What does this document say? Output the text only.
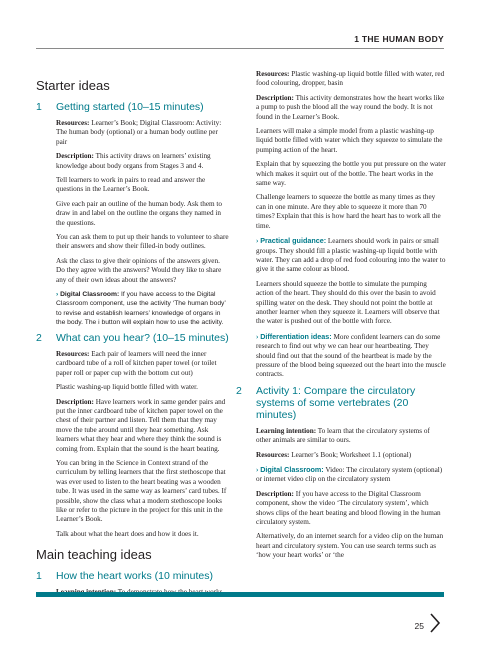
1 THE HUMAN BODY
Starter ideas
1	Getting started (10–15 minutes)

Resources: Learner’s Book; Digital Classroom: Activity: The human body (optional) or a human body outline per pair

Description: This activity draws on learners’ existing knowledge about body organs from Stages 3 and 4.

Tell learners to work in pairs to read and answer the questions in the Learner’s Book.

Give each pair an outline of the human body. Ask them to draw in and label on the outline the organs they named in the questions.

You can ask them to put up their hands to volunteer to share their answers and show their filled-in body outlines.

Ask the class to give their opinions of the answers given. Do they agree with the answers? Would they like to share any of their own ideas about the answers?

› Digital Classroom: If you have access to the Digital Classroom component, use the activity ‘The human body’ to revise and establish learners’ knowledge of organs in the body. The i button will explain how to use the activity.

2	What can you hear? (10–15 minutes)

Resources: Each pair of learners will need the inner cardboard tube of a roll of kitchen paper towel (or toilet paper roll or paper cup with the bottom cut out)

Plastic washing-up liquid bottle filled with water.

Description: Have learners work in same gender pairs and put the inner cardboard tube of kitchen paper towel on the chest of their partner and listen. Tell them that they may move the tube around until they hear something. Ask learners what they hear and where they think the sound is coming from. Explain that the sound is the heart beating.

You can bring in the Science in Context strand of the curriculum by telling learners that the first stethoscope that was ever used to listen to the heart beating was a wooden tube. It was used in the same way as learners’ card tubes. If possible, show the class what a modern stethoscope looks like or refer to the picture in the project for this unit in the Learner’s Book.

Talk about what the heart does and how it does it.

Main teaching ideas
1	How the heart works (10 minutes)

Resources: Plastic washing-up liquid bottle filled with water, red food colouring, dropper, basin

Description: This activity demonstrates how the heart works like a pump to push the blood all the way round the body. It is not found in the Learner’s Book.

Learners will make a simple model from a plastic washing-up liquid bottle filled with water which they squeeze to simulate the pumping action of the heart.

Explain that by squeezing the bottle you put pressure on the water which makes it squirt out of the bottle. The heart works in the same way.

Challenge learners to squeeze the bottle as many times as they can in one minute. Are they able to squeeze it more than 70 times? Explain that this is how hard the heart has to work all the time.

› Practical guidance: Learners should work in pairs or small groups. They should fill a plastic washing-up liquid bottle with water. They can add a drop of red food colouring into the water to give it the same colour as blood.

Learners should squeeze the bottle to simulate the pumping action of the heart. They should do this over the basin to avoid spilling water on the desk. They should not point the bottle at another learner when they squeeze it. Learners will observe that the water is pushed out of the bottle with force.

› Differentiation ideas: More confident learners can do some research to find out why we can hear our heartbeating. They should find out that the sound of the heartbeat is made by the pressure of the blood being squeezed out the heart into the muscle contracts.

2	Activity 1: Compare the circulatory systems of some vertebrates (20 minutes)

Learning intention: To learn that the circulatory systems of other animals are similar to ours.

Resources: Learner’s Book; Worksheet 1.1 (optional)

› Digital Classroom: Video: The circulatory system (optional) or internet video clip on the circulatory system

Description: If you have access to the Digital Classroom component, show the video ‘The circulatory system’, which shows clips of the heart beating and blood flowing in the human circulatory system.

Alternatively, do an internet search for a video clip on the human heart and circulatory system. You can use search terms such as ‘how your heart works’ or ‘the

25
